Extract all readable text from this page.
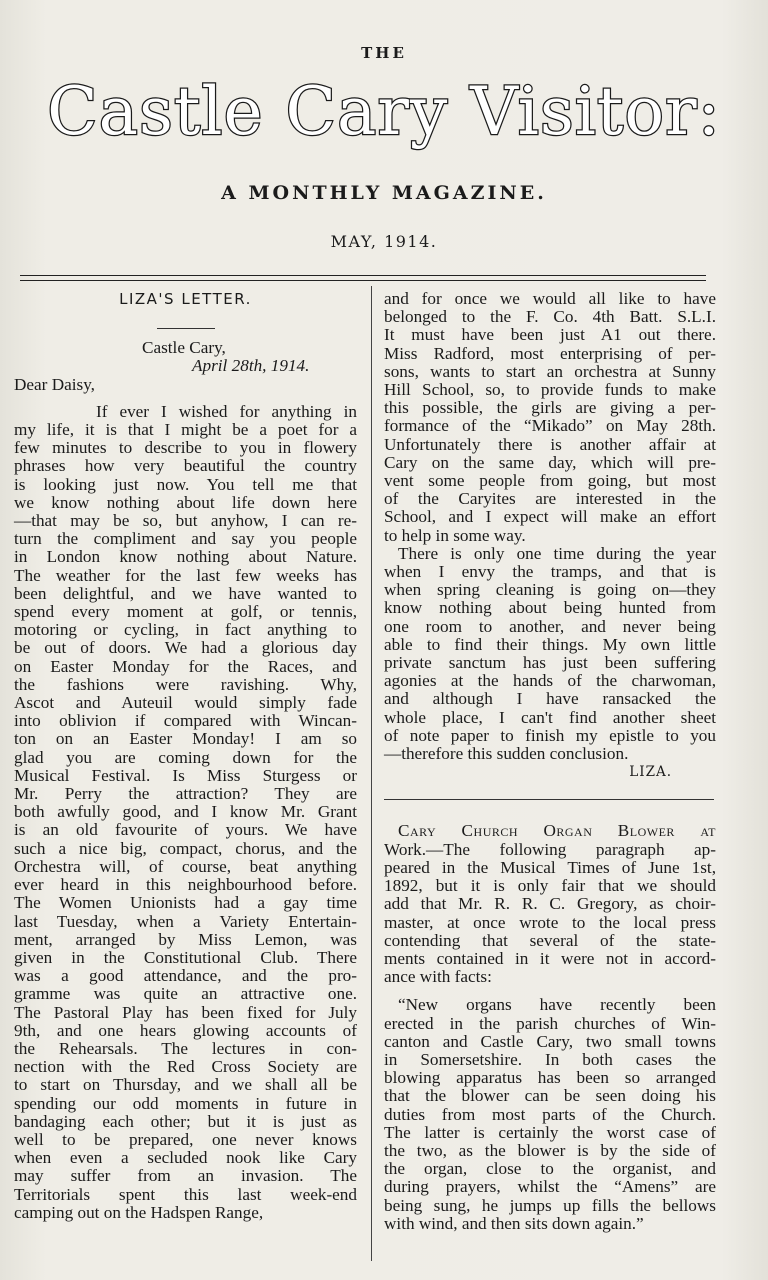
THE
Castle Cary Visitor:
A MONTHLY MAGAZINE.
MAY, 1914.

LIZA'S LETTER.

Castle Cary,

April 28th, 1914.

Dear Daisy,

If ever I wished for anything in
my life, it is that I might be a poet for a
few minutes to describe to you in flowery
phrases how very beautiful the country
is looking just now. You tell me that
we know nothing about life down here
—that may be so, but anyhow, I can re-
turn the compliment and say you people
in London know nothing about Nature.
The weather for the last few weeks has
been delightful, and we have wanted to
spend every moment at golf, or tennis,
motoring or cycling, in fact anything to
be out of doors. We had a glorious day
on Easter Monday for the Races, and
the fashions were ravishing. Why,
Ascot and Auteuil would simply fade
into oblivion if compared with Wincan-
ton on an Easter Monday! I am so
glad you are coming down for the
Musical Festival. Is Miss Sturgess or
Mr. Perry the attraction? They are
both awfully good, and I know Mr. Grant
is an old favourite of yours. We have
such a nice big, compact, chorus, and the
Orchestra will, of course, beat anything
ever heard in this neighbourhood before.
The Women Unionists had a gay time
last Tuesday, when a Variety Entertain-
ment, arranged by Miss Lemon, was
given in the Constitutional Club. There
was a good attendance, and the pro-
gramme was quite an attractive one.
The Pastoral Play has been fixed for July
9th, and one hears glowing accounts of
the Rehearsals. The lectures in con-
nection with the Red Cross Society are
to start on Thursday, and we shall all be
spending our odd moments in future in
bandaging each other; but it is just as
well to be prepared, one never knows
when even a secluded nook like Cary
may suffer from an invasion. The
Territorials spent this last week-end
camping out on the Hadspen Range,
and for once we would all like to have
belonged to the F. Co. 4th Batt. S.L.I.
It must have been just A1 out there.
Miss Radford, most enterprising of per-
sons, wants to start an orchestra at Sunny
Hill School, so, to provide funds to make
this possible, the girls are giving a per-
formance of the “Mikado” on May 28th.
Unfortunately there is another affair at
Cary on the same day, which will pre-
vent some people from going, but most
of the Caryites are interested in the
School, and I expect will make an effort
to help in some way.
There is only one time during the year
when I envy the tramps, and that is
when spring cleaning is going on—they
know nothing about being hunted from
one room to another, and never being
able to find their things. My own little
private sanctum has just been suffering
agonies at the hands of the charwoman,
and although I have ransacked the
whole place, I can't find another sheet
of note paper to finish my epistle to you
—therefore this sudden conclusion.

LIZA.

Cary Church Organ Blower at
Work.—The following paragraph ap-
peared in the Musical Times of June 1st,
1892, but it is only fair that we should
add that Mr. R. R. C. Gregory, as choir-
master, at once wrote to the local press
contending that several of the state-
ments contained in it were not in accord-
ance with facts:
“New organs have recently been
erected in the parish churches of Win-
canton and Castle Cary, two small towns
in Somersetshire. In both cases the
blowing apparatus has been so arranged
that the blower can be seen doing his
duties from most parts of the Church.
The latter is certainly the worst case of
the two, as the blower is by the side of
the organ, close to the organist, and
during prayers, whilst the “Amens” are
being sung, he jumps up fills the bellows
with wind, and then sits down again.”
